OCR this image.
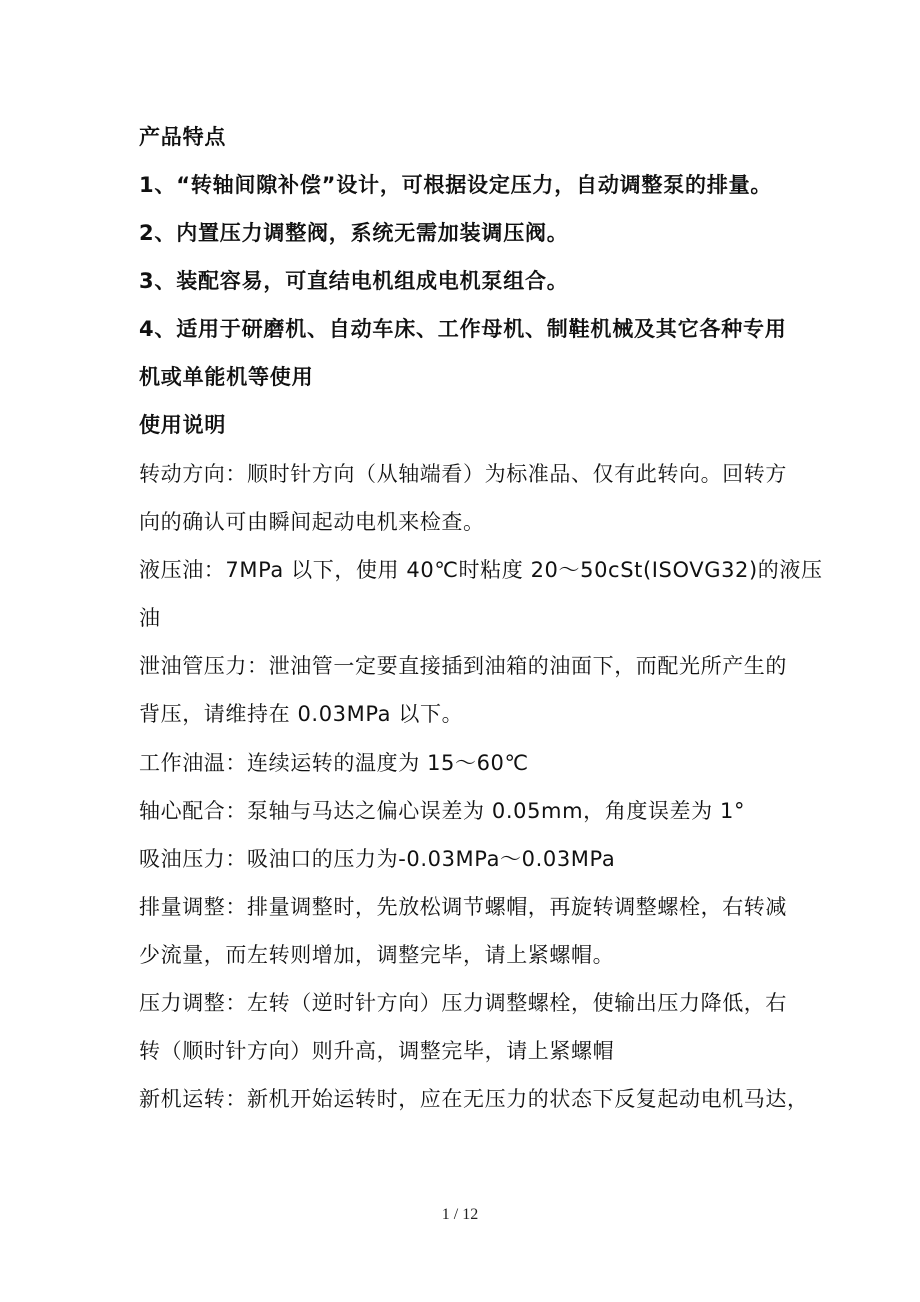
产品特点
1、“转轴间隙补偿”设计，可根据设定压力，自动调整泵的排量。
2、内置压力调整阀，系统无需加装调压阀。
3、装配容易，可直结电机组成电机泵组合。
4、适用于研磨机、自动车床、工作母机、制鞋机械及其它各种专用
机或单能机等使用
使用说明
转动方向：顺时针方向（从轴端看）为标准品、仅有此转向。回转方
向的确认可由瞬间起动电机来检查。
液压油：7MPa 以下，使用 40℃时粘度 20～50cSt(ISOVG32)的液压
油
泄油管压力：泄油管一定要直接插到油箱的油面下，而配光所产生的
背压，请维持在 0.03MPa 以下。
工作油温：连续运转的温度为 15～60℃
轴心配合：泵轴与马达之偏心误差为 0.05mm，角度误差为 1°
吸油压力：吸油口的压力为-0.03MPa～0.03MPa
排量调整：排量调整时，先放松调节螺帽，再旋转调整螺栓，右转减
少流量，而左转则增加，调整完毕，请上紧螺帽。
压力调整：左转（逆时针方向）压力调整螺栓，使输出压力降低，右
转（顺时针方向）则升高，调整完毕，请上紧螺帽
新机运转：新机开始运转时，应在无压力的状态下反复起动电机马达，
1 / 12
